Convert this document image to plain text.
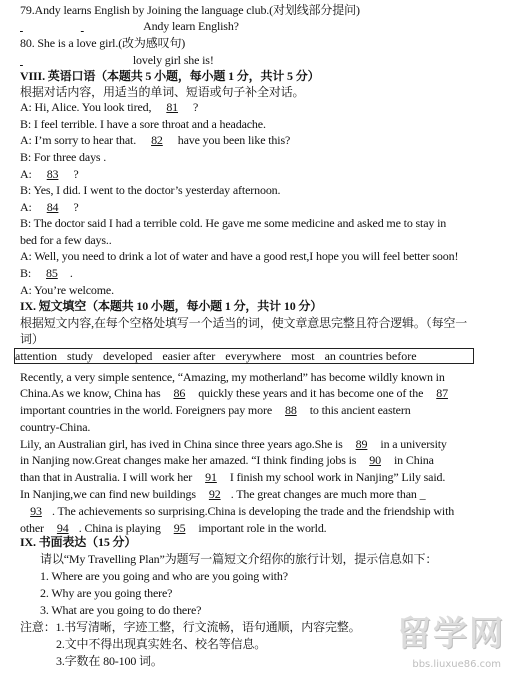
79.Andy learns English by Joining the language club.(对划线部分提问)
Andy learn English?
80. She is a love girl.(改为感叹句)
lovely girl she is!
VIII. 英语口语（本题共 5 小题，每小题 1 分，共计 5 分）
根据对话内容，用适当的单词、短语或句子补全对话。
A: Hi, Alice. You look tired, 81 ?
B: I feel terrible. I have a sore throat and a headache.
A: I’m sorry to hear that. 82 have you been like this?
B: For three days .
A: 83 ?
B: Yes, I did. I went to the doctor’s yesterday afternoon.
A: 84 ?
B: The doctor said I had a terrible cold. He gave me some medicine and asked me to stay in
bed for a few days..
A: Well, you need to drink a lot of water and have a good rest,I hope you will feel better soon!
B: 85 .
A: You’re welcome.
IX. 短文填空（本题共 10 小题，每小题 1 分，共计 10 分）
根据短文内容,在每个空格处填写一个适当的词，使文章意思完整且符合逻辑。（每空一
词）
attention study developed easier after everywhere most an countries before
Recently, a very simple sentence, “Amazing, my motherland” has become wildly known in
China.As we know, China has 86 quickly these years and it has become one of the 87
important countries in the world. Foreigners pay more 88 to this ancient eastern
country-China.
Lily, an Australian girl, has ived in China since three years ago.She is 89 in a university
in Nanjing now.Great changes make her amazed. “I think finding jobs is 90 in China
than that in Australia. I will work her 91 I finish my school work in Nanjing” Lily said.
In Nanjing,we can find new buildings 92 . The great changes are much more than _
93 . The achievements so surprising.China is developing the trade and the friendship with
other 94 . China is playing 95 important role in the world.
IX. 书面表达（15 分）
请以“My Travelling Plan”为题写一篇短文介绍你的旅行计划，提示信息如下：
1. Where are you going and who are you going with?
2. Why are you going there?
3. What are you going to do there?
注意：1.书写清晰，字迹工整，行文流畅，语句通顺，内容完整。
2.文中不得出现真实姓名、校名等信息。
3.字数在 80-100 词。
留学网
bbs.liuxue86.com
